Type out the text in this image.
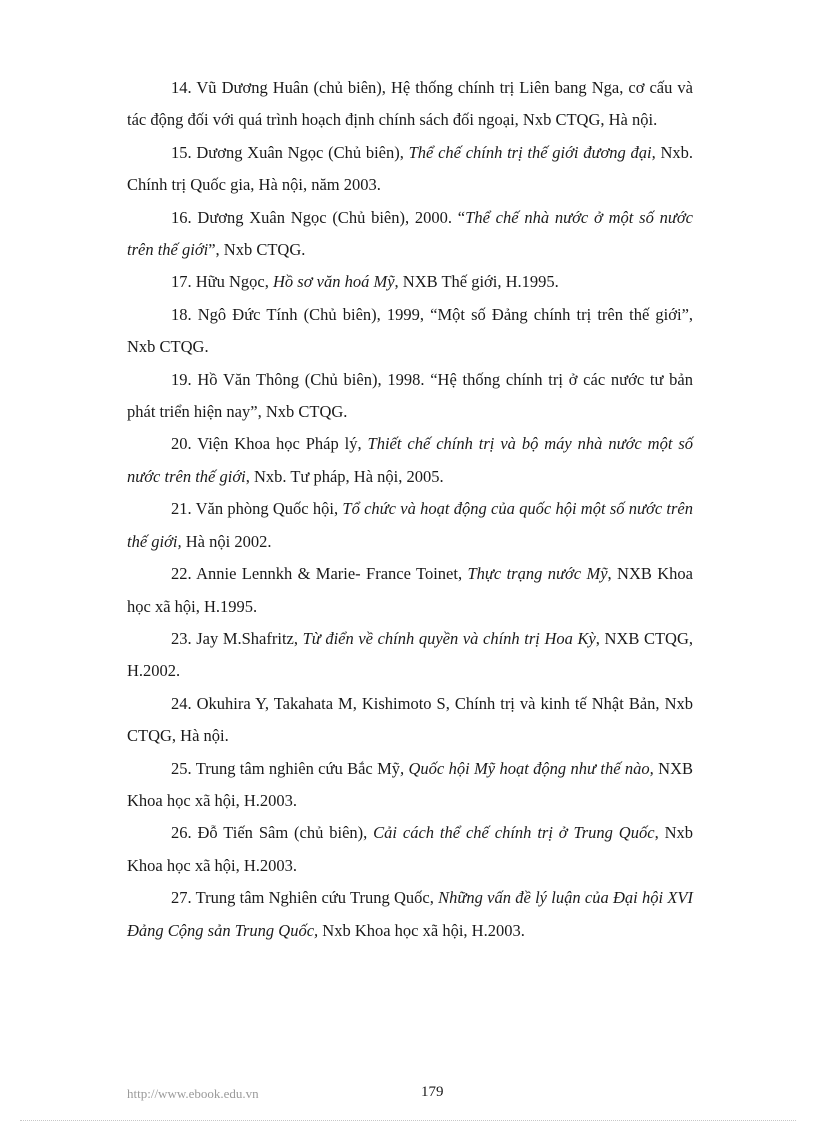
14. Vũ Dương Huân (chủ biên), Hệ thống chính trị Liên bang Nga, cơ cấu và tác động đối với quá trình hoạch định chính sách đối ngoại, Nxb CTQG, Hà nội.

15. Dương Xuân Ngọc (Chủ biên), Thể chế chính trị thế giới đương đại, Nxb. Chính trị Quốc gia, Hà nội, năm 2003.

16. Dương Xuân Ngọc (Chủ biên), 2000. “Thể chế nhà nước ở một số nước trên thế giới”, Nxb CTQG.

17. Hữu Ngọc, Hồ sơ văn hoá Mỹ, NXB Thế giới, H.1995.

18. Ngô Đức Tính (Chủ biên), 1999, “Một số Đảng chính trị trên thế giới”, Nxb CTQG.

19. Hồ Văn Thông (Chủ biên), 1998. “Hệ thống chính trị ở các nước tư bản phát triển hiện nay”, Nxb CTQG.

20. Viện Khoa học Pháp lý, Thiết chế chính trị và bộ máy nhà nước một số nước trên thế giới, Nxb. Tư pháp, Hà nội, 2005.

21. Văn phòng Quốc hội, Tổ chức và hoạt động của quốc hội một số nước trên thế giới, Hà nội 2002.

22. Annie Lennkh & Marie- France Toinet, Thực trạng nước Mỹ, NXB Khoa học xã hội, H.1995.

23. Jay M.Shafritz, Từ điển về chính quyền và chính trị Hoa Kỳ, NXB CTQG, H.2002.

24. Okuhira Y, Takahata M, Kishimoto S, Chính trị và kinh tế Nhật Bản, Nxb CTQG, Hà nội.

25. Trung tâm nghiên cứu Bắc Mỹ, Quốc hội Mỹ hoạt động như thế nào, NXB Khoa học xã hội, H.2003.

26. Đỗ Tiến Sâm (chủ biên), Cải cách thể chế chính trị ở Trung Quốc, Nxb Khoa học xã hội, H.2003.

27. Trung tâm Nghiên cứu Trung Quốc, Những vấn đề lý luận của Đại hội XVI Đảng Cộng sản Trung Quốc, Nxb Khoa học xã hội, H.2003.

http://www.ebook.edu.vn	179
